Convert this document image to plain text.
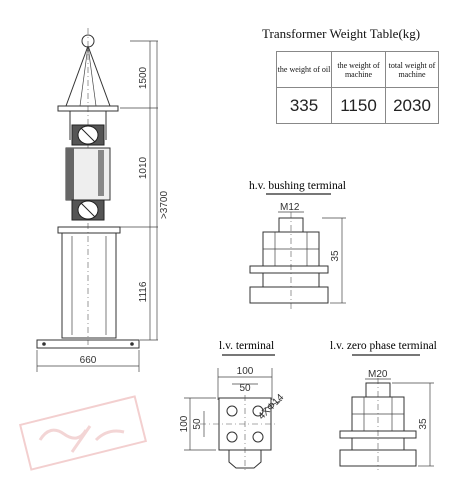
Transformer Weight Table(kg)
the weight of oil	the weight of machine	total weight of machine
335	1150	2030
1500
1010
>3700
1116
660
h.v. bushing terminal
M12
35
l.v. terminal
100
50
4XΦ14
100 50
l.v. zero phase terminal
M20
35
